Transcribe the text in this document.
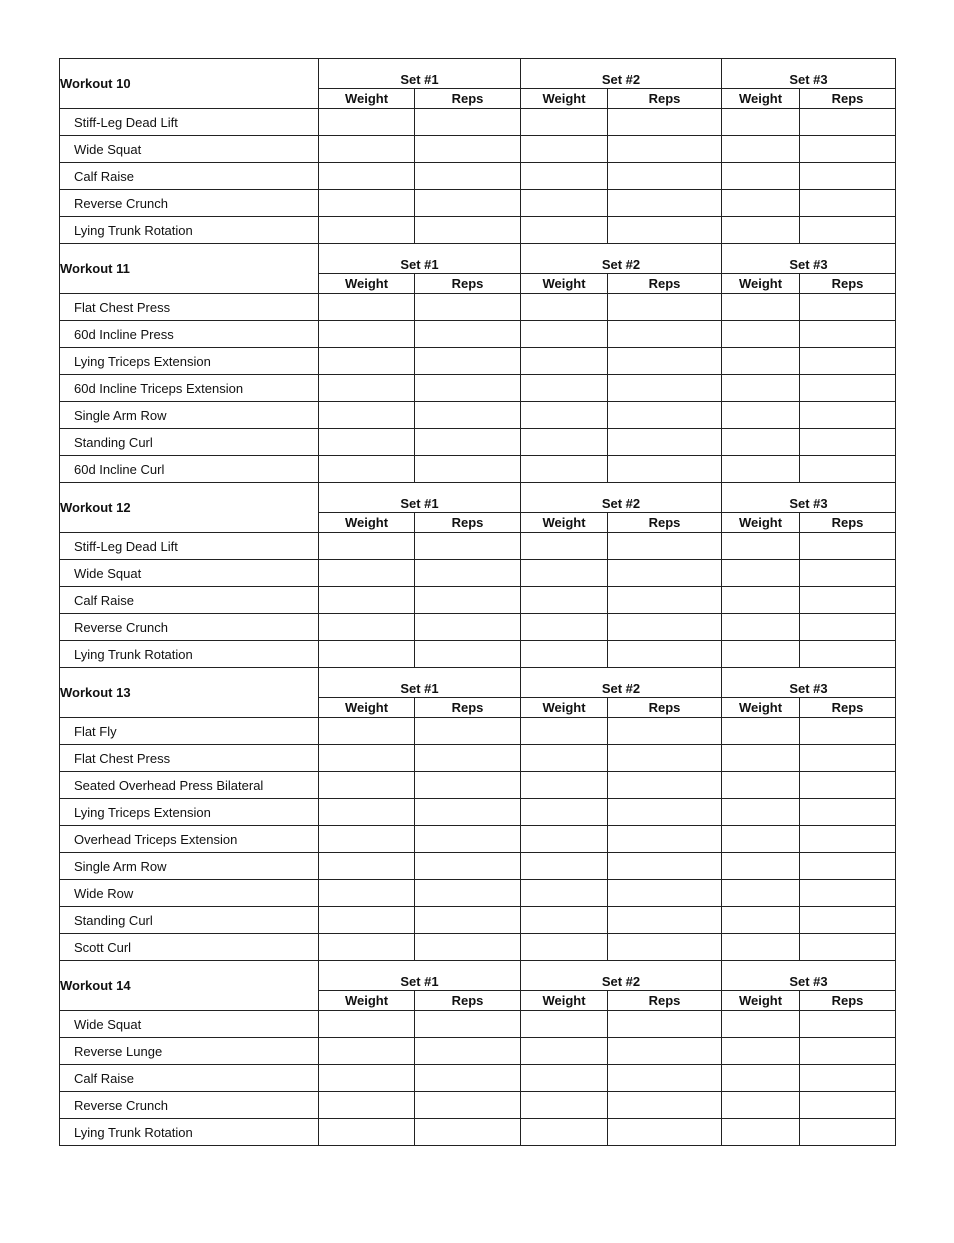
Workout 10	Set #1		Set #2		Set #3	
	Weight	Reps	Weight	Reps	Weight	Reps
Stiff-Leg Dead Lift						
Wide Squat						
Calf Raise						
Reverse Crunch						
Lying Trunk Rotation						
Workout 11	Set #1		Set #2		Set #3	
	Weight	Reps	Weight	Reps	Weight	Reps
Flat Chest Press						
60d Incline Press						
Lying Triceps Extension						
60d Incline Triceps Extension						
Single Arm Row						
Standing Curl						
60d Incline Curl						
Workout 12	Set #1		Set #2		Set #3	
	Weight	Reps	Weight	Reps	Weight	Reps
Stiff-Leg Dead Lift						
Wide Squat						
Calf Raise						
Reverse Crunch						
Lying Trunk Rotation						
Workout 13	Set #1		Set #2		Set #3	
	Weight	Reps	Weight	Reps	Weight	Reps
Flat Fly						
Flat Chest Press						
Seated Overhead Press Bilateral						
Lying Triceps Extension						
Overhead Triceps Extension						
Single Arm Row						
Wide Row						
Standing Curl						
Scott Curl						
Workout 14	Set #1		Set #2		Set #3	
	Weight	Reps	Weight	Reps	Weight	Reps
Wide Squat						
Reverse Lunge						
Calf Raise						
Reverse Crunch						
Lying Trunk Rotation						
